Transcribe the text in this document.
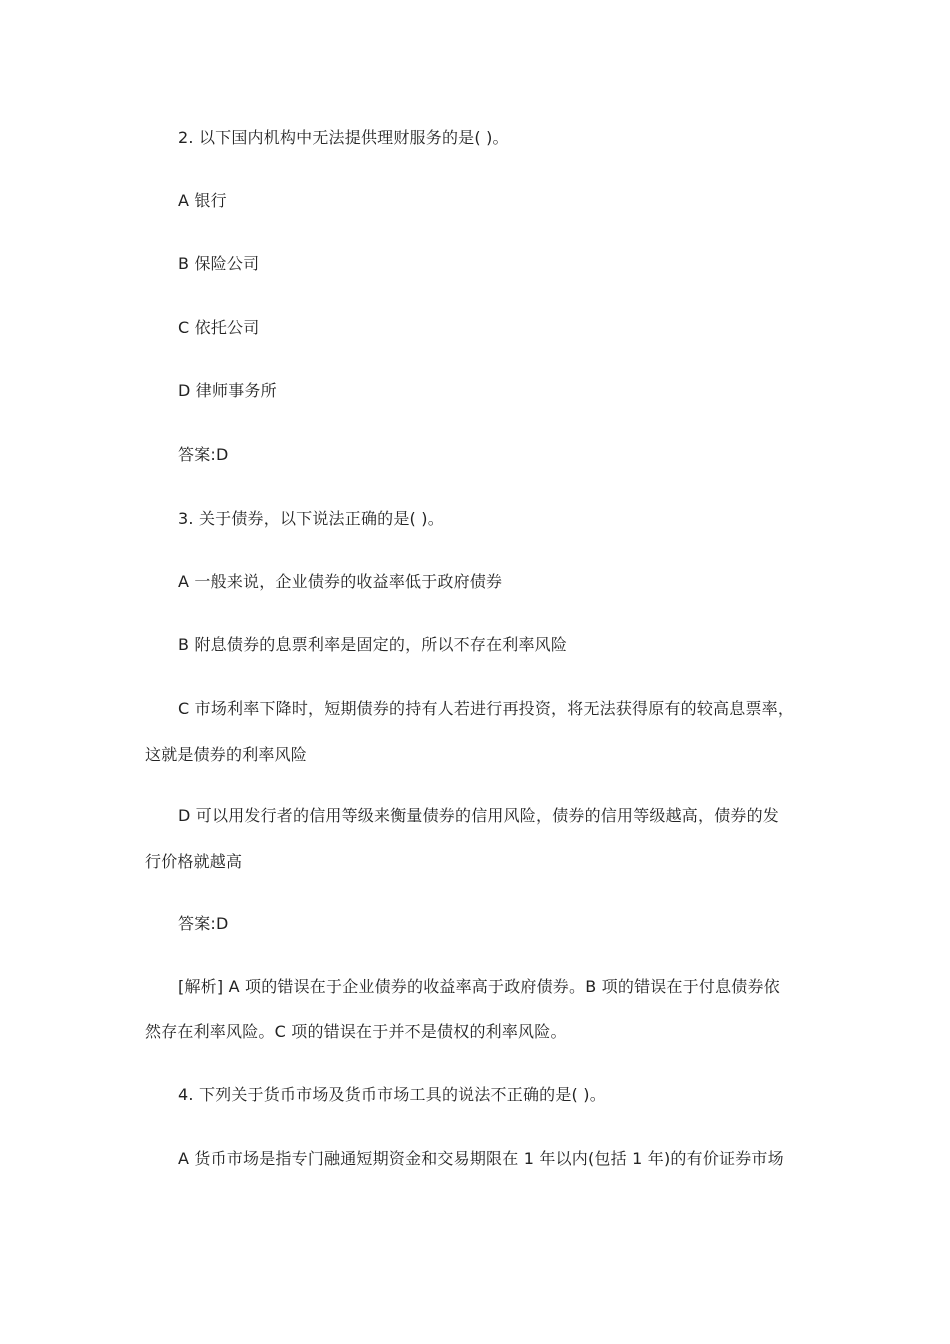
2. 以下国内机构中无法提供理财服务的是( )。
A 银行
B 保险公司
C 依托公司
D 律师事务所
答案:D
3. 关于债券，以下说法正确的是( )。
A 一般来说，企业债券的收益率低于政府债券
B 附息债券的息票利率是固定的，所以不存在利率风险
C 市场利率下降时，短期债券的持有人若进行再投资，将无法获得原有的较高息票率，
这就是债券的利率风险
D 可以用发行者的信用等级来衡量债券的信用风险，债券的信用等级越高，债券的发
行价格就越高
答案:D
[解析] A 项的错误在于企业债券的收益率高于政府债券。B 项的错误在于付息债券依
然存在利率风险。C 项的错误在于并不是债权的利率风险。
4. 下列关于货币市场及货币市场工具的说法不正确的是( )。
A 货币市场是指专门融通短期资金和交易期限在 1 年以内(包括 1 年)的有价证券市场
